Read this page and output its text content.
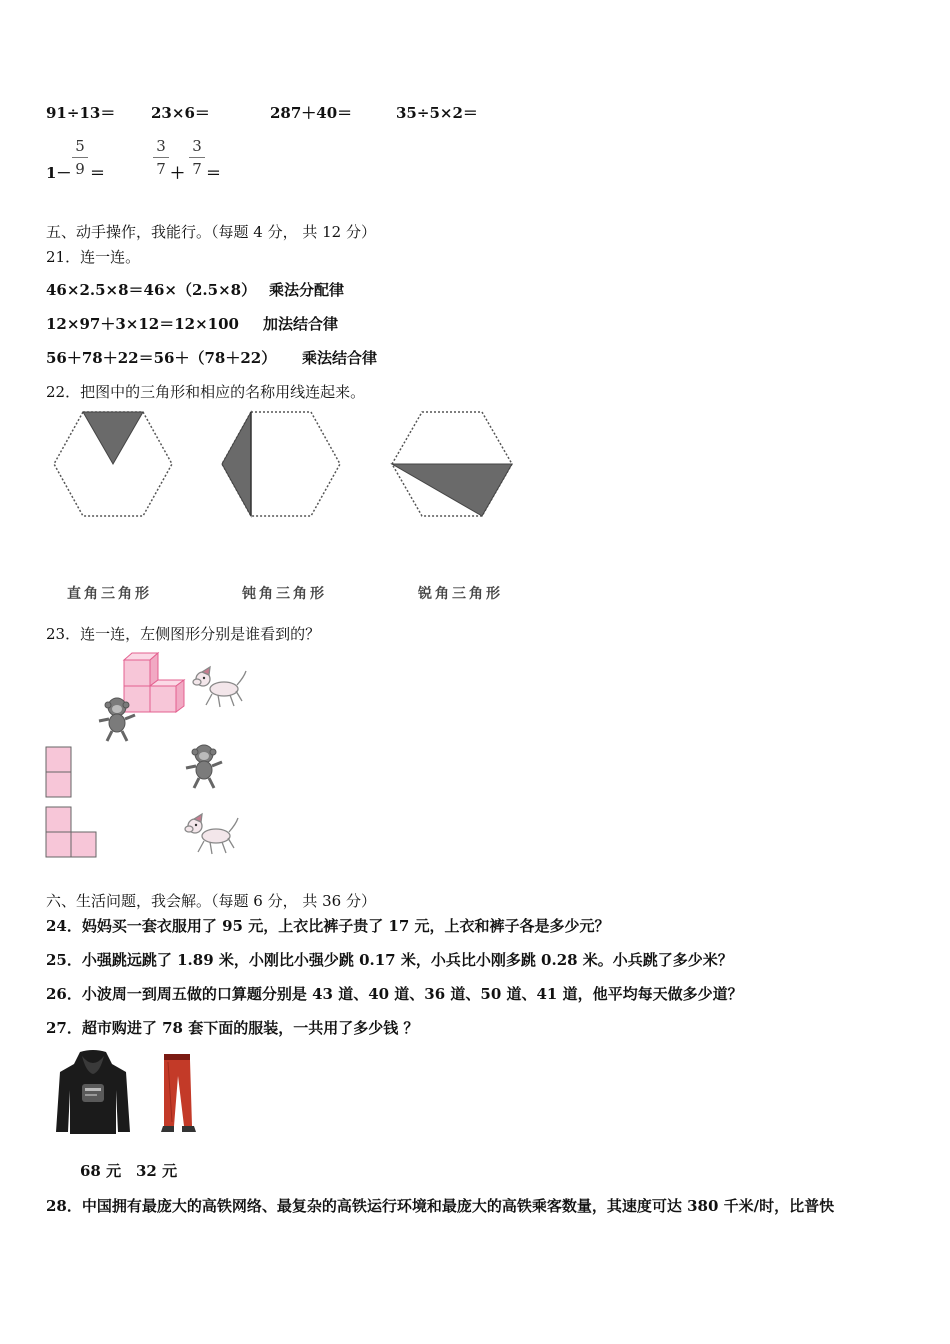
91÷13＝ 23×6＝	287＋40＝	35÷5×2＝
1－
5
9 ＝
3
7 ＋
3
7 ＝
五、动手操作，我能行。（每题 4 分， 共 12 分）
21．连一连。
46×2.5×8＝46×（2.5×8） 乘法分配律
12×97＋3×12＝12×100 加法结合律
56＋78＋22＝56＋（78＋22） 乘法结合律
22．把图中的三角形和相应的名称用线连起来。
直角三角形	钝角三角形	锐角三角形
23．连一连，左侧图形分别是谁看到的？
六、生活问题，我会解。（每题 6 分， 共 36 分）
24．妈妈买一套衣服用了 95 元，上衣比裤子贵了 17 元，上衣和裤子各是多少元？
25．小强跳远跳了 1.89 米，小刚比小强少跳 0.17 米，小兵比小刚多跳 0.28 米。小兵跳了多少米？
26．小波周一到周五做的口算题分别是 43 道、40 道、36 道、50 道、41 道，他平均每天做多少道？
27．超市购进了 78 套下面的服装，一共用了多少钱 ？
68 元 32 元
28．中国拥有最庞大的高铁网络、最复杂的高铁运行环境和最庞大的高铁乘客数量，其速度可达 380 千米/时，比普快
